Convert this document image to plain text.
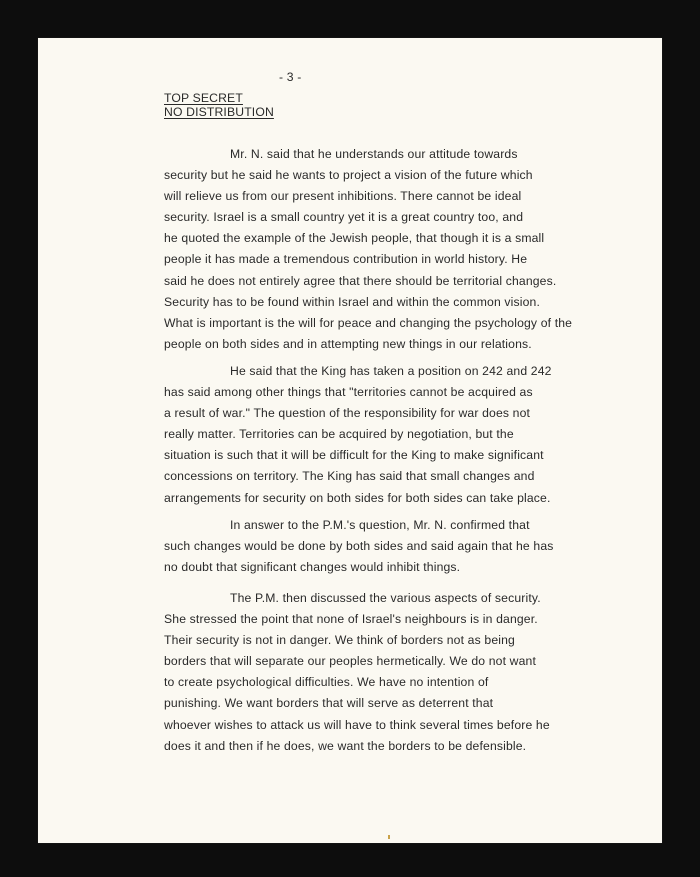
- 3 -

TOP SECRET

NO DISTRIBUTION

Mr. N. said that he understands our attitude towards
security but he said he wants to project a vision of the future which
will relieve us from our present inhibitions. There cannot be ideal
security. Israel is a small country yet it is a great country too, and
he quoted the example of the Jewish people, that though it is a small
people it has made a tremendous contribution in world history. He
said he does not entirely agree that there should be territorial changes.
Security has to be found within Israel and within the common vision.
What is important is the will for peace and changing the psychology of the
people on both sides and in attempting new things in our relations.
He said that the King has taken a position on 242 and 242
has said among other things that "territories cannot be acquired as
a result of war." The question of the responsibility for war does not
really matter. Territories can be acquired by negotiation, but the
situation is such that it will be difficult for the King to make significant
concessions on territory. The King has said that small changes and
arrangements for security on both sides for both sides can take place.
In answer to the P.M.'s question, Mr. N. confirmed that
such changes would be done by both sides and said again that he has
no doubt that significant changes would inhibit things.
The P.M. then discussed the various aspects of security.
She stressed the point that none of Israel's neighbours is in danger.
Their security is not in danger. We think of borders not as being
borders that will separate our peoples hermetically. We do not want
to create psychological difficulties. We have no intention of
punishing. We want borders that will serve as deterrent that
whoever wishes to attack us will have to think several times before he
does it and then if he does, we want the borders to be defensible.
